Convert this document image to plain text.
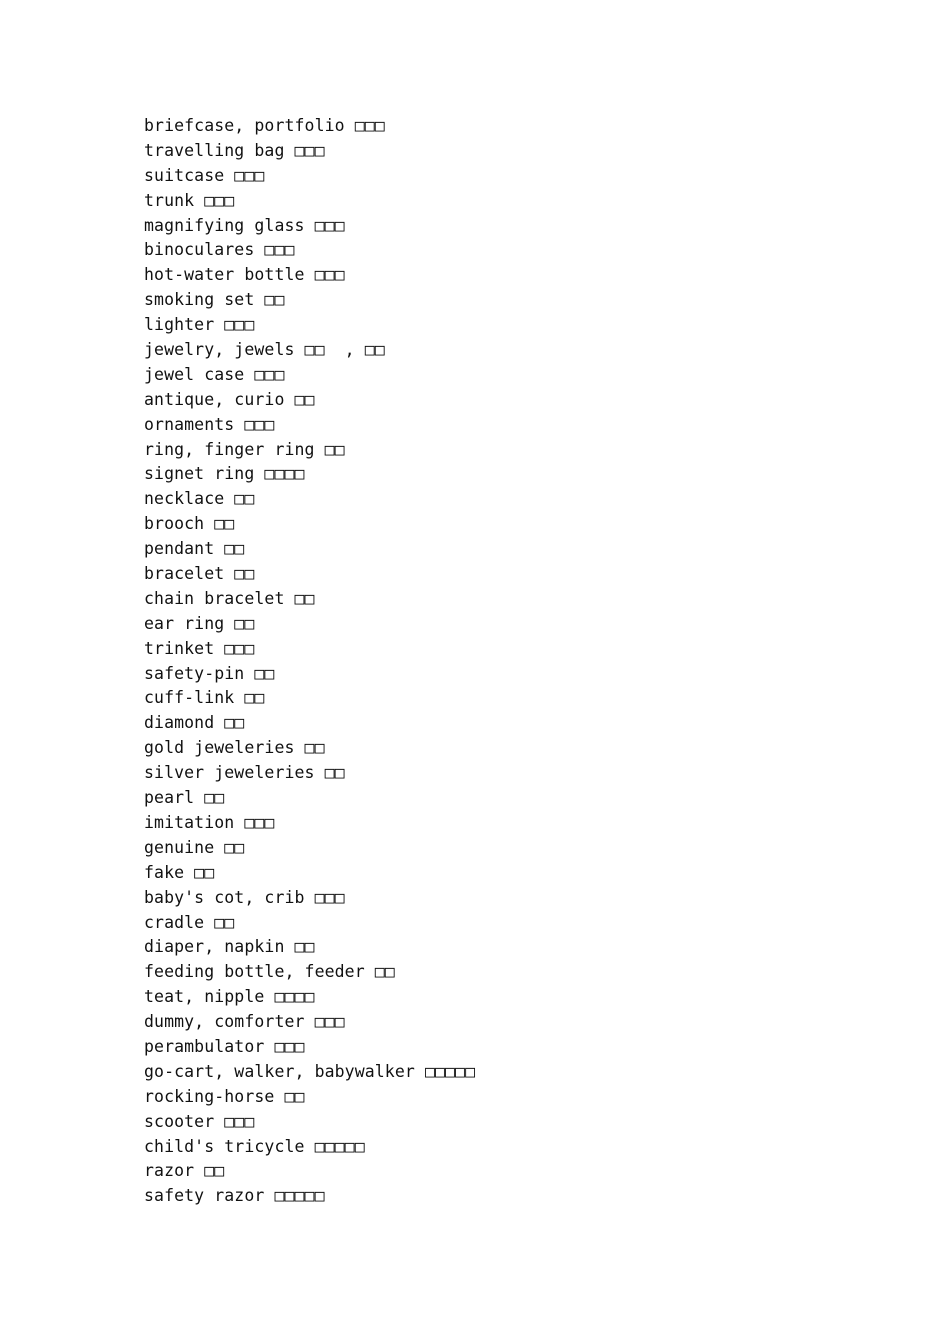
briefcase, portfolio □□□
travelling bag □□□
suitcase □□□
trunk □□□
magnifying glass □□□
binoculares □□□
hot-water bottle □□□
smoking set □□
lighter □□□
jewelry, jewels □□  , □□
jewel case □□□
antique, curio □□
ornaments □□□
ring, finger ring □□
signet ring □□□□
necklace □□
brooch □□
pendant □□
bracelet □□
chain bracelet □□
ear ring □□
trinket □□□
safety-pin □□
cuff-link □□
diamond □□
gold jeweleries □□
silver jeweleries □□
pearl □□
imitation □□□
genuine □□
fake □□
baby's cot, crib □□□
cradle □□
diaper, napkin □□
feeding bottle, feeder □□
teat, nipple □□□□
dummy, comforter □□□
perambulator □□□
go-cart, walker, babywalker □□□□□
rocking-horse □□
scooter □□□
child's tricycle □□□□□
razor □□
safety razor □□□□□
